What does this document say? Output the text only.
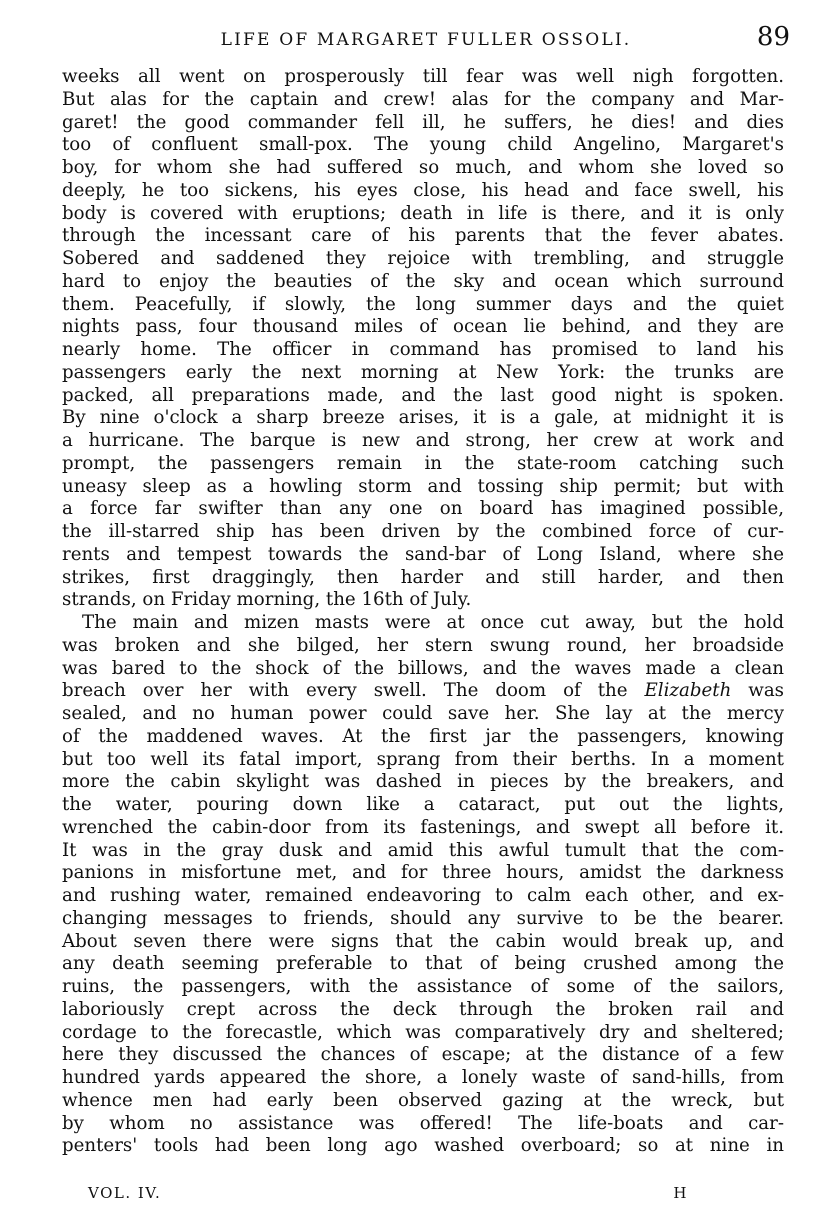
LIFE OF MARGARET FULLER OSSOLI.	89
weeks all went on prosperously till fear was well nigh forgotten.
But alas for the captain and crew! alas for the company and Mar-
garet! the good commander fell ill, he suffers, he dies! and dies
too of confluent small-pox. The young child Angelino, Margaret's
boy, for whom she had suffered so much, and whom she loved so
deeply, he too sickens, his eyes close, his head and face swell, his
body is covered with eruptions; death in life is there, and it is only
through the incessant care of his parents that the fever abates.
Sobered and saddened they rejoice with trembling, and struggle
hard to enjoy the beauties of the sky and ocean which surround
them. Peacefully, if slowly, the long summer days and the quiet
nights pass, four thousand miles of ocean lie behind, and they are
nearly home. The officer in command has promised to land his
passengers early the next morning at New York: the trunks are
packed, all preparations made, and the last good night is spoken.
By nine o'clock a sharp breeze arises, it is a gale, at midnight it is
a hurricane. The barque is new and strong, her crew at work and
prompt, the passengers remain in the state-room catching such
uneasy sleep as a howling storm and tossing ship permit; but with
a force far swifter than any one on board has imagined possible,
the ill-starred ship has been driven by the combined force of cur-
rents and tempest towards the sand-bar of Long Island, where she
strikes, first draggingly, then harder and still harder, and then
strands, on Friday morning, the 16th of July.
The main and mizen masts were at once cut away, but the hold
was broken and she bilged, her stern swung round, her broadside
was bared to the shock of the billows, and the waves made a clean
breach over her with every swell. The doom of the Elizabeth was
sealed, and no human power could save her. She lay at the mercy
of the maddened waves. At the first jar the passengers, knowing
but too well its fatal import, sprang from their berths. In a moment
more the cabin skylight was dashed in pieces by the breakers, and
the water, pouring down like a cataract, put out the lights,
wrenched the cabin-door from its fastenings, and swept all before it.
It was in the gray dusk and amid this awful tumult that the com-
panions in misfortune met, and for three hours, amidst the darkness
and rushing water, remained endeavoring to calm each other, and ex-
changing messages to friends, should any survive to be the bearer.
About seven there were signs that the cabin would break up, and
any death seeming preferable to that of being crushed among the
ruins, the passengers, with the assistance of some of the sailors,
laboriously crept across the deck through the broken rail and
cordage to the forecastle, which was comparatively dry and sheltered;
here they discussed the chances of escape; at the distance of a few
hundred yards appeared the shore, a lonely waste of sand-hills, from
whence men had early been observed gazing at the wreck, but
by whom no assistance was offered! The life-boats and car-
penters' tools had been long ago washed overboard; so at nine in
VOL. IV.	H
